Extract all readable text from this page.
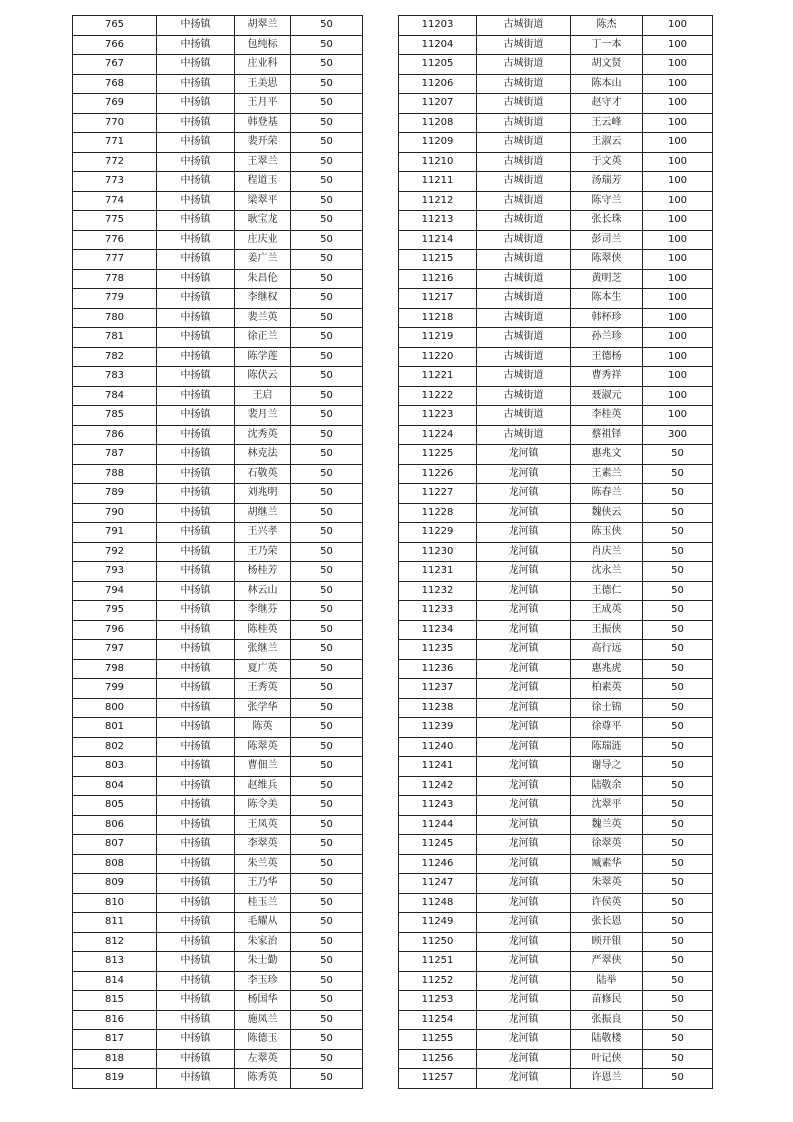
765	中扬镇	胡翠兰	50
766	中扬镇	包纯标	50
767	中扬镇	庄业科	50
768	中扬镇	王美思	50
769	中扬镇	王月平	50
770	中扬镇	韩登基	50
771	中扬镇	裴开荣	50
772	中扬镇	王翠兰	50
773	中扬镇	程道玉	50
774	中扬镇	梁翠平	50
775	中扬镇	耿宝龙	50
776	中扬镇	庄庆业	50
777	中扬镇	姜广兰	50
778	中扬镇	朱昌伦	50
779	中扬镇	李继权	50
780	中扬镇	裴兰英	50
781	中扬镇	徐正兰	50
782	中扬镇	陈学莲	50
783	中扬镇	陈伏云	50
784	中扬镇	王启	50
785	中扬镇	裴月兰	50
786	中扬镇	沈秀英	50
787	中扬镇	林克法	50
788	中扬镇	石敬英	50
789	中扬镇	刘兆明	50
790	中扬镇	胡继兰	50
791	中扬镇	王兴孝	50
792	中扬镇	王乃荣	50
793	中扬镇	杨桂芳	50
794	中扬镇	林云山	50
795	中扬镇	李继芬	50
796	中扬镇	陈桂英	50
797	中扬镇	张继兰	50
798	中扬镇	夏广英	50
799	中扬镇	王秀英	50
800	中扬镇	张学华	50
801	中扬镇	陈英	50
802	中扬镇	陈翠英	50
803	中扬镇	曹佃兰	50
804	中扬镇	赵维兵	50
805	中扬镇	陈令美	50
806	中扬镇	王凤英	50
807	中扬镇	李翠英	50
808	中扬镇	朱兰英	50
809	中扬镇	王乃华	50
810	中扬镇	桂玉兰	50
811	中扬镇	毛耀从	50
812	中扬镇	朱家治	50
813	中扬镇	朱士勤	50
814	中扬镇	李玉珍	50
815	中扬镇	杨国华	50
816	中扬镇	施凤兰	50
817	中扬镇	陈德玉	50
818	中扬镇	左翠英	50
819	中扬镇	陈秀英	50
11203	古城街道	陈杰	100
11204	古城街道	丁一本	100
11205	古城街道	胡文贤	100
11206	古城街道	陈本山	100
11207	古城街道	赵守才	100
11208	古城街道	王云峰	100
11209	古城街道	王淑云	100
11210	古城街道	于文英	100
11211	古城街道	汤瑞芳	100
11212	古城街道	陈守兰	100
11213	古城街道	张长珠	100
11214	古城街道	彭司兰	100
11215	古城街道	陈翠侠	100
11216	古城街道	黄明芝	100
11217	古城街道	陈本生	100
11218	古城街道	韩杯珍	100
11219	古城街道	孙兰珍	100
11220	古城街道	王德杨	100
11221	古城街道	曹秀祥	100
11222	古城街道	聂淑元	100
11223	古城街道	李桂英	100
11224	古城街道	蔡祖铎	300
11225	龙河镇	惠兆文	50
11226	龙河镇	王素兰	50
11227	龙河镇	陈春兰	50
11228	龙河镇	魏侠云	50
11229	龙河镇	陈玉侠	50
11230	龙河镇	肖庆兰	50
11231	龙河镇	沈永兰	50
11232	龙河镇	王德仁	50
11233	龙河镇	王成英	50
11234	龙河镇	王振侠	50
11235	龙河镇	高行远	50
11236	龙河镇	惠兆虎	50
11237	龙河镇	柏素英	50
11238	龙河镇	徐士锦	50
11239	龙河镇	徐尊平	50
11240	龙河镇	陈瑞涟	50
11241	龙河镇	谢导之	50
11242	龙河镇	陆敬余	50
11243	龙河镇	沈翠平	50
11244	龙河镇	魏兰英	50
11245	龙河镇	徐翠英	50
11246	龙河镇	臧素华	50
11247	龙河镇	朱翠英	50
11248	龙河镇	许侯英	50
11249	龙河镇	张长恩	50
11250	龙河镇	顾开银	50
11251	龙河镇	严翠侠	50
11252	龙河镇	陆举	50
11253	龙河镇	苗修民	50
11254	龙河镇	张振良	50
11255	龙河镇	陆敬楼	50
11256	龙河镇	叶记侠	50
11257	龙河镇	许恩兰	50
